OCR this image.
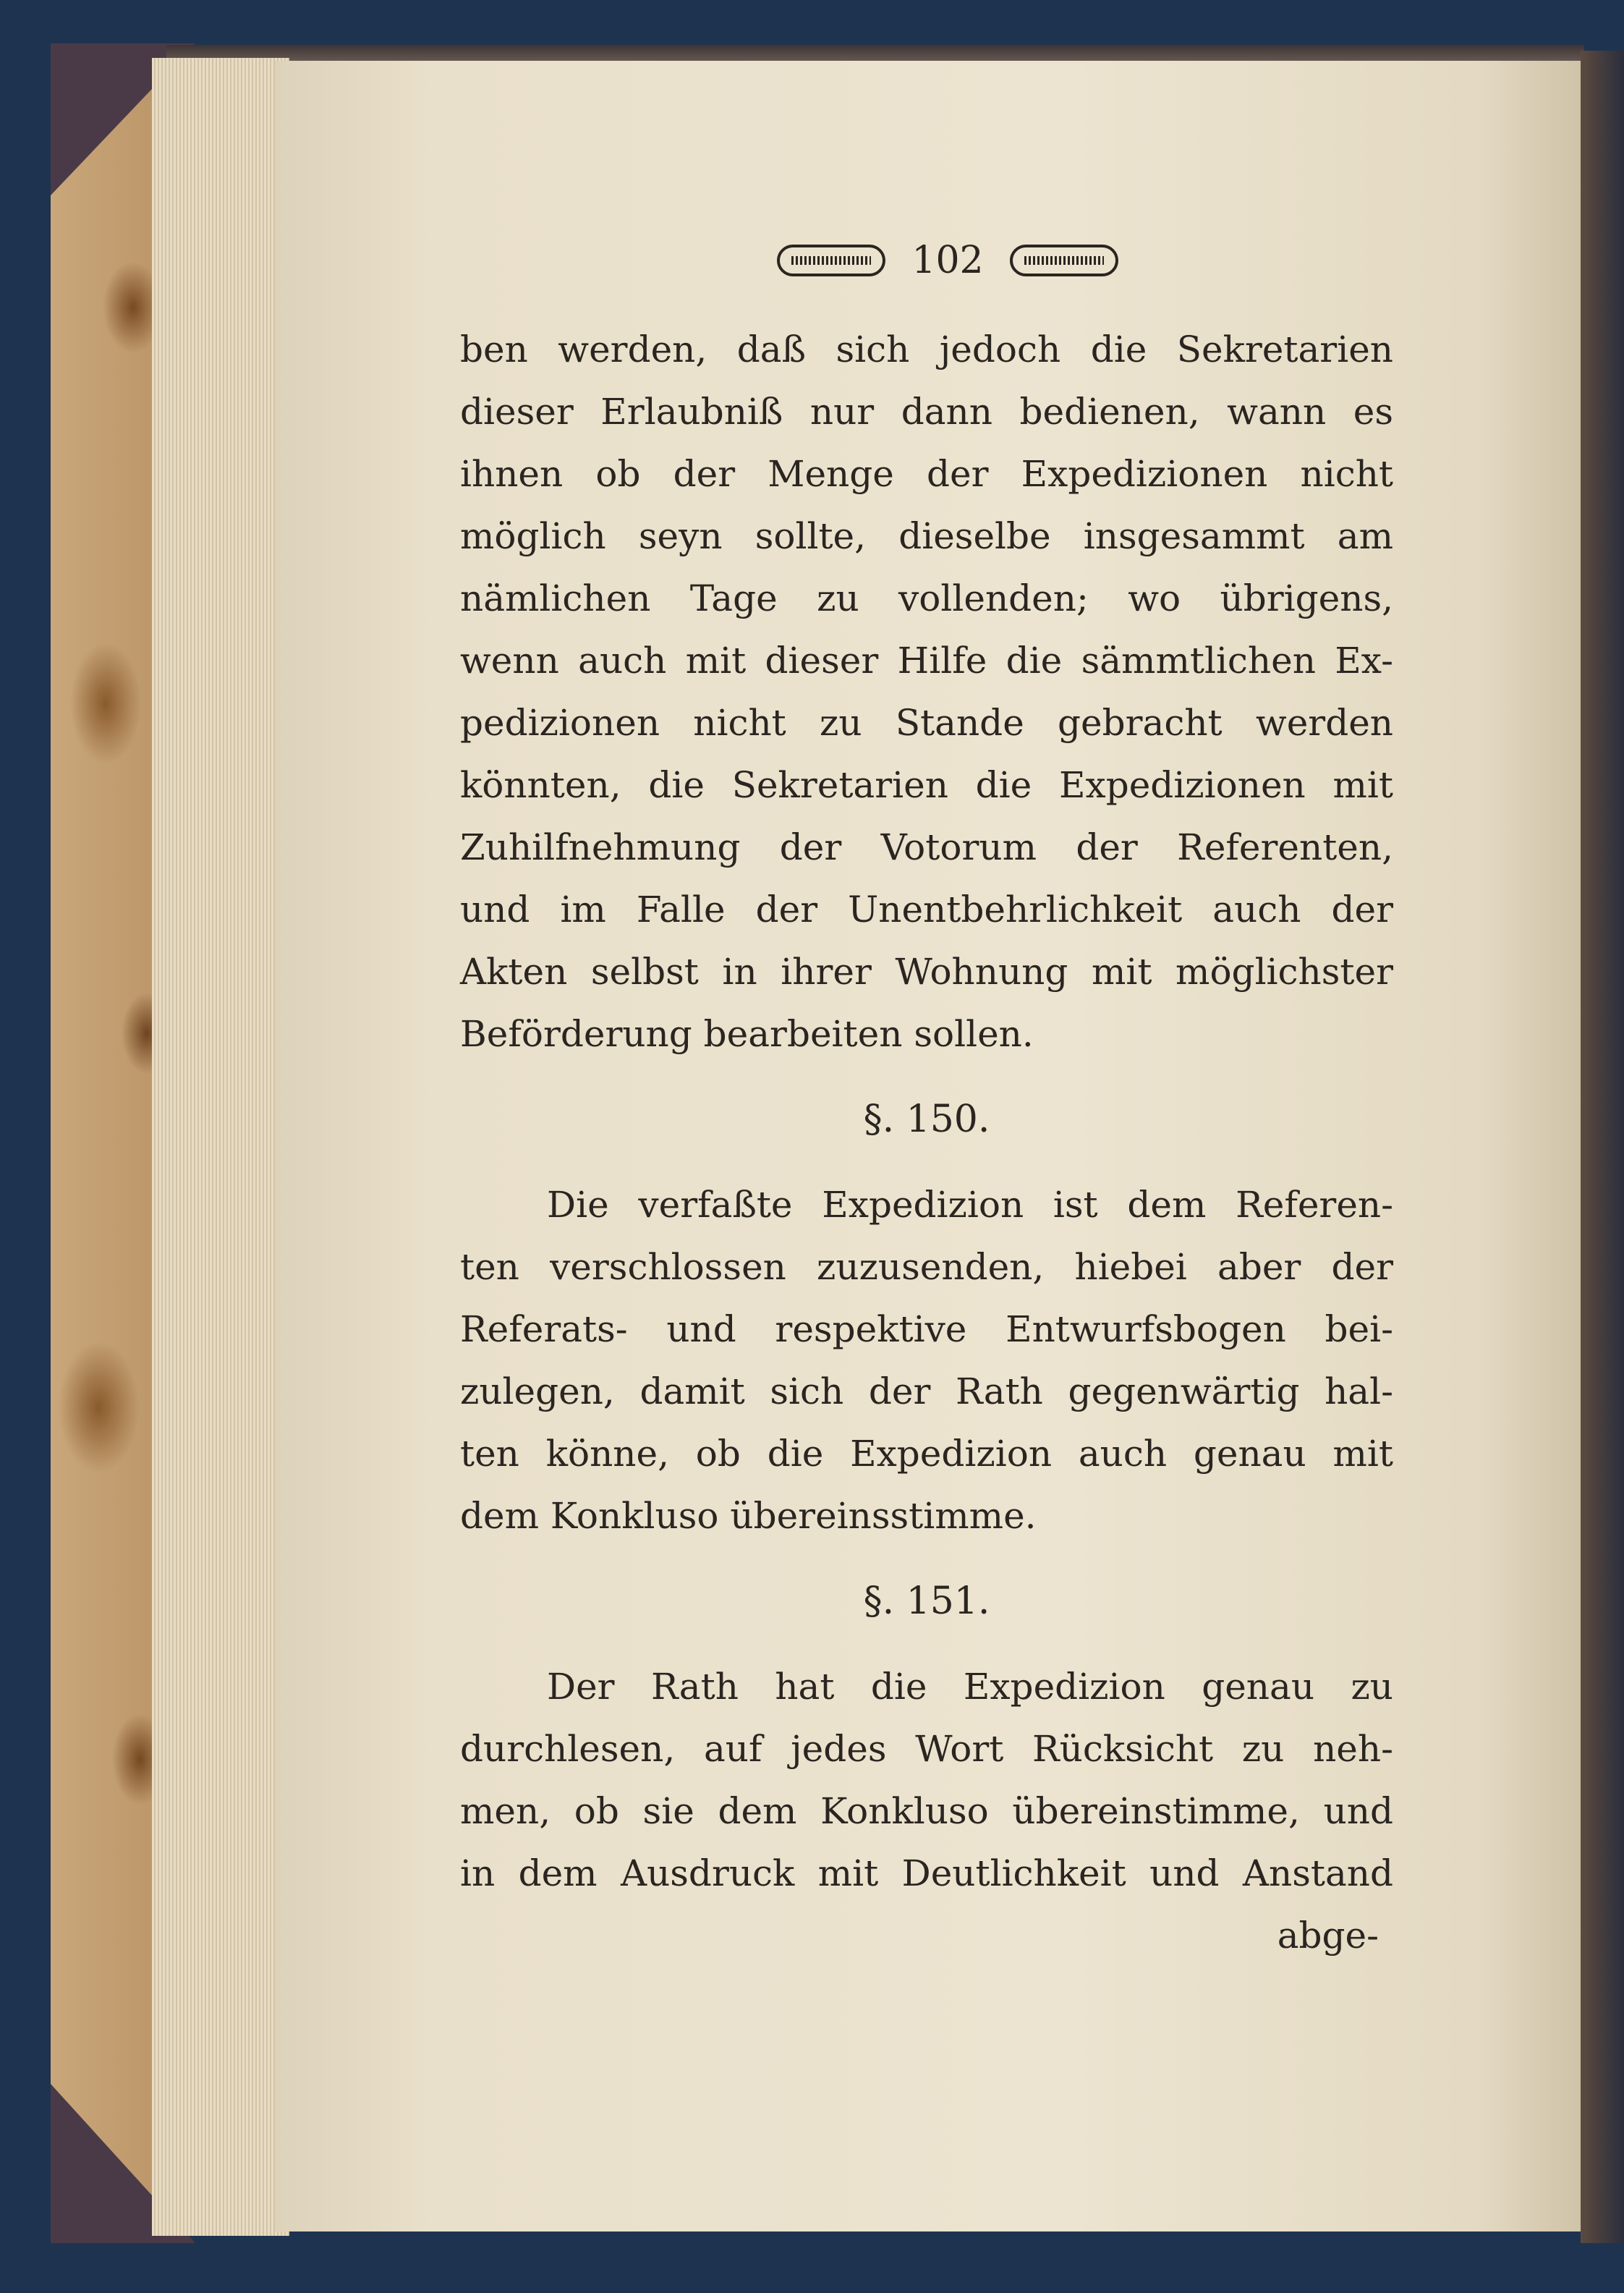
102
ben werden, daß sich jedoch die Sekretarien
dieser Erlaubniß nur dann bedienen, wann es
ihnen ob der Menge der Expedizionen nicht
möglich seyn sollte, dieselbe insgesammt am
nämlichen Tage zu vollenden; wo übrigens,
wenn auch mit dieser Hilfe die sämmtlichen Ex-
pedizionen nicht zu Stande gebracht werden
könnten, die Sekretarien die Expedizionen mit
Zuhilfnehmung der Votorum der Referenten,
und im Falle der Unentbehrlichkeit auch der
Akten selbst in ihrer Wohnung mit möglichster
Beförderung bearbeiten sollen.
§. 150.
Die verfaßte Expedizion ist dem Referen-
ten verschlossen zuzusenden, hiebei aber der
Referats- und respektive Entwurfsbogen bei-
zulegen, damit sich der Rath gegenwärtig hal-
ten könne, ob die Expedizion auch genau mit
dem Konkluso übereinsstimme.
§. 151.
Der Rath hat die Expedizion genau zu
durchlesen, auf jedes Wort Rücksicht zu neh-
men, ob sie dem Konkluso übereinstimme, und
in dem Ausdruck mit Deutlichkeit und Anstand
abge-
